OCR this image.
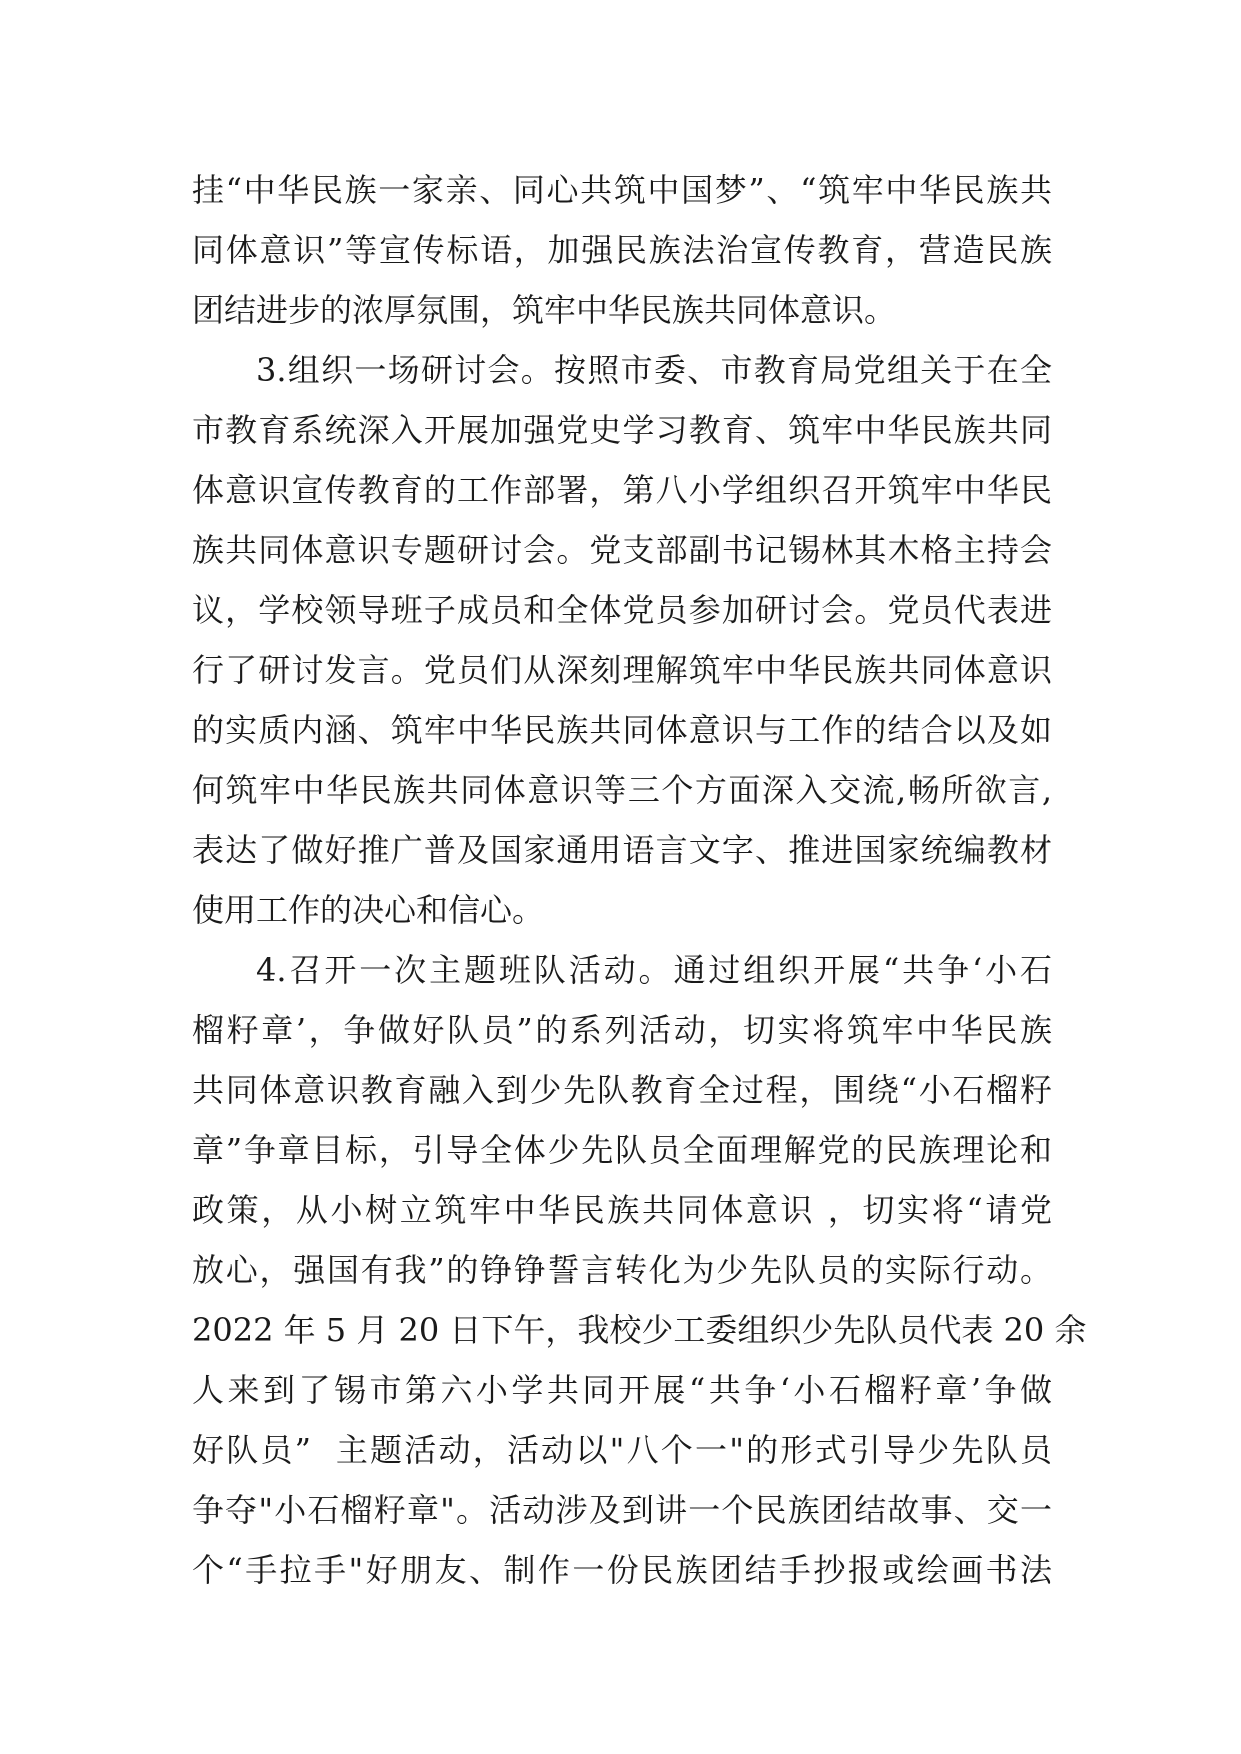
挂“中华民族一家亲、同心共筑中国梦”、“筑牢中华民族共
同体意识”等宣传标语，加强民族法治宣传教育，营造民族
团结进步的浓厚氛围，筑牢中华民族共同体意识。
3.组织一场研讨会。按照市委、市教育局党组关于在全
市教育系统深入开展加强党史学习教育、筑牢中华民族共同
体意识宣传教育的工作部署，第八小学组织召开筑牢中华民
族共同体意识专题研讨会。党支部副书记锡林其木格主持会
议，学校领导班子成员和全体党员参加研讨会。党员代表进
行了研讨发言。党员们从深刻理解筑牢中华民族共同体意识
的实质内涵、筑牢中华民族共同体意识与工作的结合以及如
何筑牢中华民族共同体意识等三个方面深入交流,畅所欲言,
表达了做好推广普及国家通用语言文字、推进国家统编教材
使用工作的决心和信心。
4.召开一次主题班队活动。通过组织开展“共争‘小石
榴籽章’，争做好队员”的系列活动，切实将筑牢中华民族
共同体意识教育融入到少先队教育全过程，围绕“小石榴籽
章”争章目标，引导全体少先队员全面理解党的民族理论和
政策，从小树立筑牢中华民族共同体意识 ，切实将“请党
放心，强国有我”的铮铮誓言转化为少先队员的实际行动。
2022 年 5 月 20 日下午，我校少工委组织少先队员代表 20 余
人来到了锡市第六小学共同开展“共争‘小石榴籽章’争做
好队员”  主题活动，活动以"八个一"的形式引导少先队员
争夺"小石榴籽章"。活动涉及到讲一个民族团结故事、交一
个“手拉手"好朋友、制作一份民族团结手抄报或绘画书法
